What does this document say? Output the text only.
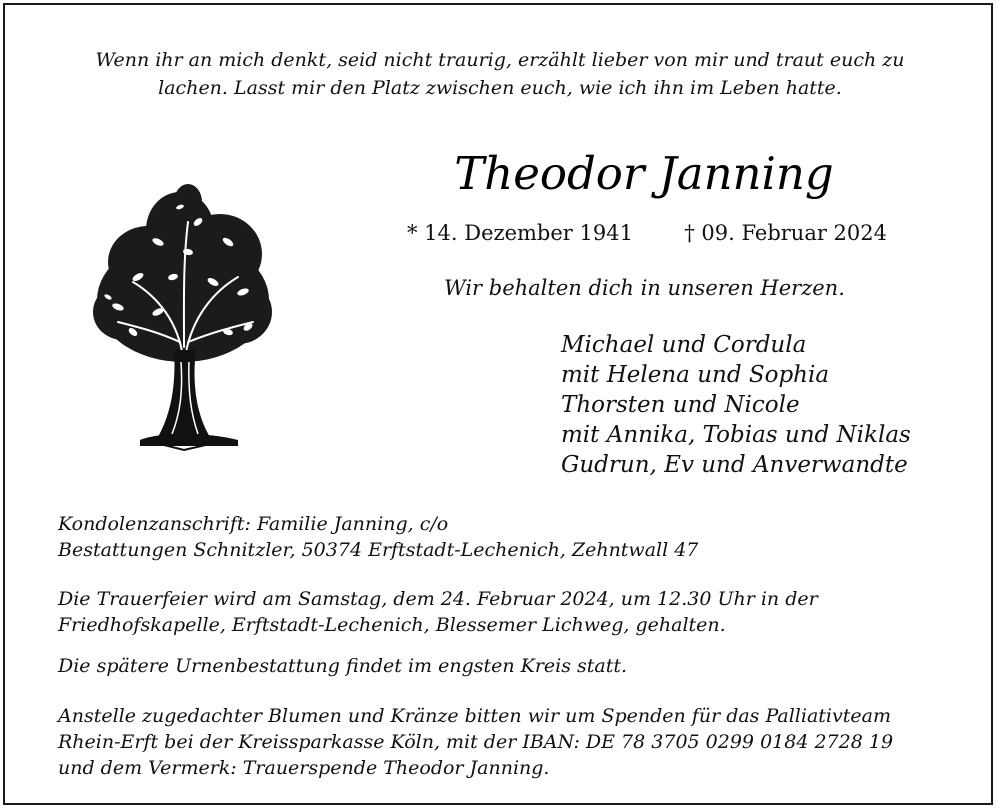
Wenn ihr an mich denkt, seid nicht traurig, erzählt lieber von mir und traut euch zu
lachen. Lasst mir den Platz zwischen euch, wie ich ihn im Leben hatte.
Theodor Janning
* 14. Dezember 1941 † 09. Februar 2024
Wir behalten dich in unseren Herzen.
Michael und Cordula
mit Helena und Sophia
Thorsten und Nicole
mit Annika, Tobias und Niklas
Gudrun, Ev und Anverwandte
Kondolenzanschrift: Familie Janning, c/o
Bestattungen Schnitzler, 50374 Erftstadt-Lechenich, Zehntwall 47
Die Trauerfeier wird am Samstag, dem 24. Februar 2024, um 12.30 Uhr in der
Friedhofskapelle, Erftstadt-Lechenich, Blessemer Lichweg, gehalten.
Die spätere Urnenbestattung findet im engsten Kreis statt.
Anstelle zugedachter Blumen und Kränze bitten wir um Spenden für das Palliativteam
Rhein-Erft bei der Kreissparkasse Köln, mit der IBAN: DE 78 3705 0299 0184 2728 19
und dem Vermerk: Trauerspende Theodor Janning.
